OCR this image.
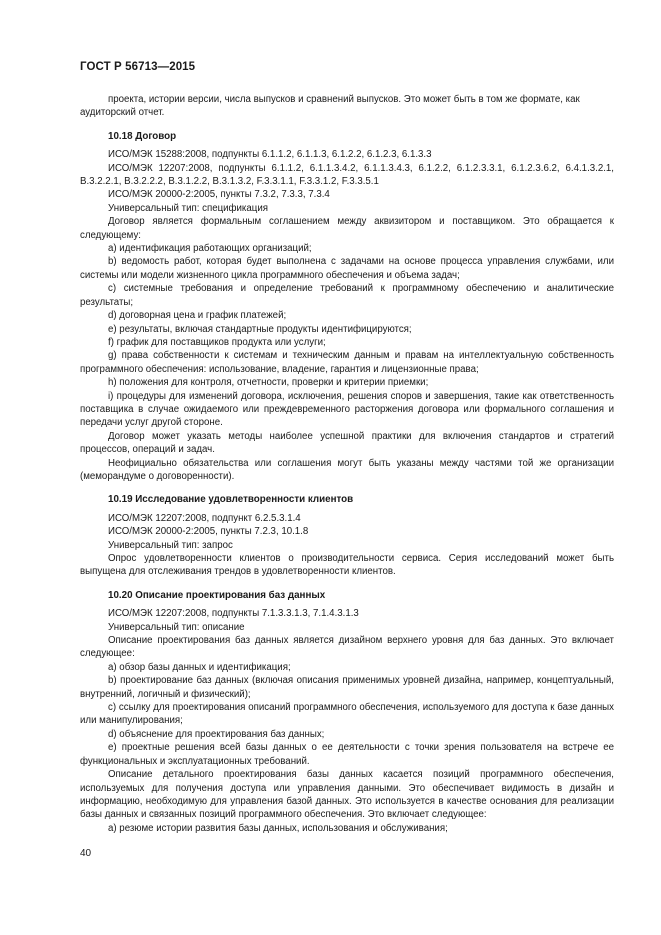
ГОСТ Р 56713—2015

проекта, истории версии, числа выпусков и сравнений выпусков. Это может быть в том же формате, как

аудиторский отчет.

10.18 Договор

ИСО/МЭК 15288:2008, подпункты 6.1.1.2, 6.1.1.3, 6.1.2.2, 6.1.2.3, 6.1.3.3

ИСО/МЭК 12207:2008, подпункты 6.1.1.2, 6.1.1.3.4.2, 6.1.1.3.4.3, 6.1.2.2, 6.1.2.3.3.1, 6.1.2.3.6.2, 6.4.1.3.2.1, B.3.2.2.1, B.3.2.2.2, B.3.1.2.2, B.3.1.3.2, F.3.3.1.1, F.3.3.1.2, F.3.3.5.1

ИСО/МЭК 20000-2:2005, пункты 7.3.2, 7.3.3, 7.3.4

Универсальный тип: спецификация

Договор является формальным соглашением между аквизитором и поставщиком. Это обращается к следующему:

a) идентификация работающих организаций;

b) ведомость работ, которая будет выполнена с задачами на основе процесса управления службами, или системы или модели жизненного цикла программного обеспечения и объема задач;

c) системные требования и определение требований к программному обеспечению и аналитические результаты;

d) договорная цена и график платежей;

e) результаты, включая стандартные продукты идентифицируются;

f) график для поставщиков продукта или услуги;

g) права собственности к системам и техническим данным и правам на интеллектуальную собственность программного обеспечения: использование, владение, гарантия и лицензионные права;

h) положения для контроля, отчетности, проверки и критерии приемки;

i) процедуры для изменений договора, исключения, решения споров и завершения, такие как ответственность поставщика в случае ожидаемого или преждевременного расторжения договора или формального соглашения и передачи услуг другой стороне.

Договор может указать методы наиболее успешной практики для включения стандартов и стратегий процессов, операций и задач.

Неофициально обязательства или соглашения могут быть указаны между частями той же организации (меморандуме о договоренности).

10.19 Исследование удовлетворенности клиентов

ИСО/МЭК 12207:2008, подпункт 6.2.5.3.1.4

ИСО/МЭК 20000-2:2005, пункты 7.2.3, 10.1.8

Универсальный тип: запрос

Опрос удовлетворенности клиентов о производительности сервиса. Серия исследований может быть выпущена для отслеживания трендов в удовлетворенности клиентов.

10.20 Описание проектирования баз данных

ИСО/МЭК 12207:2008, подпункты 7.1.3.3.1.3, 7.1.4.3.1.3

Универсальный тип: описание

Описание проектирования баз данных является дизайном верхнего уровня для баз данных. Это включает следующее:

a) обзор базы данных и идентификация;

b) проектирование баз данных (включая описания применимых уровней дизайна, например, концептуальный, внутренний, логичный и физический);

c) ссылку для проектирования описаний программного обеспечения, используемого для доступа к базе данных или манипулирования;

d) объяснение для проектирования баз данных;

e) проектные решения всей базы данных о ее деятельности с точки зрения пользователя на встрече ее функциональных и эксплуатационных требований.

Описание детального проектирования базы данных касается позиций программного обеспечения, используемых для получения доступа или управления данными. Это обеспечивает видимость в дизайн и информацию, необходимую для управления базой данных. Это используется в качестве основания для реализации базы данных и связанных позиций программного обеспечения. Это включает следующее:

a) резюме истории развития базы данных, использования и обслуживания;

40
